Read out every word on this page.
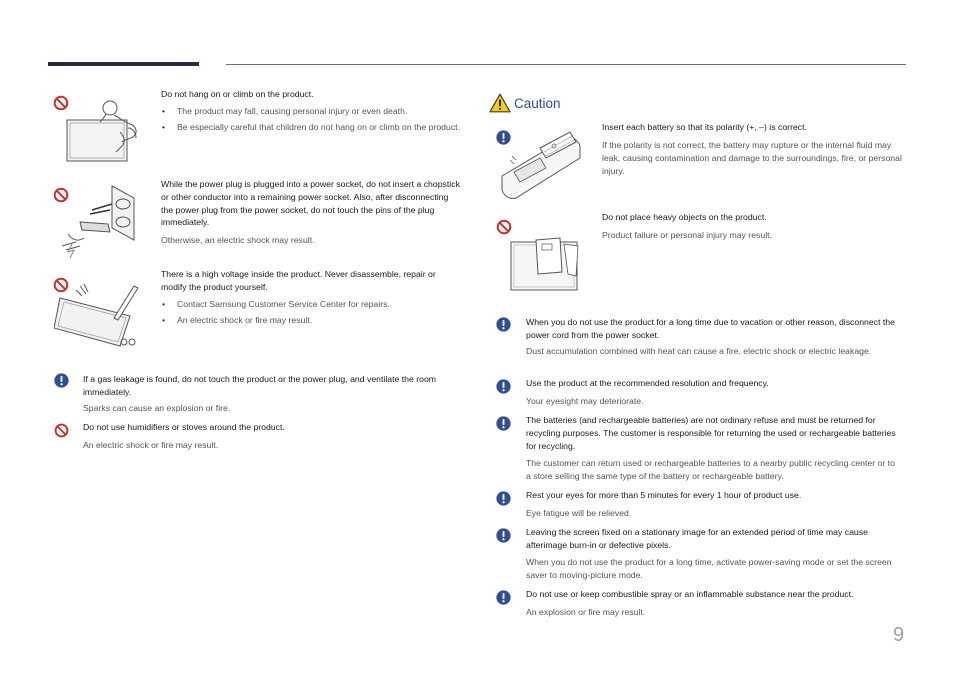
Do not hang on or climb on the product.
• The product may fall, causing personal injury or even death.
• Be especially careful that children do not hang on or climb on the product.
While the power plug is plugged into a power socket, do not insert a chopstick or other conductor into a remaining power socket. Also, after disconnecting the power plug from the power socket, do not touch the pins of the plug immediately.
Otherwise, an electric shock may result.
There is a high voltage inside the product. Never disassemble, repair or modify the product yourself.
• Contact Samsung Customer Service Center for repairs.
• An electric shock or fire may result.
If a gas leakage is found, do not touch the product or the power plug, and ventilate the room immediately.
Sparks can cause an explosion or fire.
Do not use humidifiers or stoves around the product.
An electric shock or fire may result.
Caution
Insert each battery so that its polarity (+, –) is correct.
If the polarity is not correct, the battery may rupture or the internal fluid may leak, causing contamination and damage to the surroundings, fire, or personal injury.
Do not place heavy objects on the product.
Product failure or personal injury may result.
When you do not use the product for a long time due to vacation or other reason, disconnect the power cord from the power socket.
Dust accumulation combined with heat can cause a fire, electric shock or electric leakage.
Use the product at the recommended resolution and frequency.
Your eyesight may deteriorate.
The batteries (and rechargeable batteries) are not ordinary refuse and must be returned for recycling purposes. The customer is responsible for returning the used or rechargeable batteries for recycling.
The customer can return used or rechargeable batteries to a nearby public recycling center or to a store selling the same type of the battery or rechargeable battery.
Rest your eyes for more than 5 minutes for every 1 hour of product use.
Eye fatigue will be relieved.
Leaving the screen fixed on a stationary image for an extended period of time may cause afterimage burn-in or defective pixels.
When you do not use the product for a long time, activate power-saving mode or set the screen saver to moving-picture mode.
Do not use or keep combustible spray or an inflammable substance near the product.
An explosion or fire may result.
9
